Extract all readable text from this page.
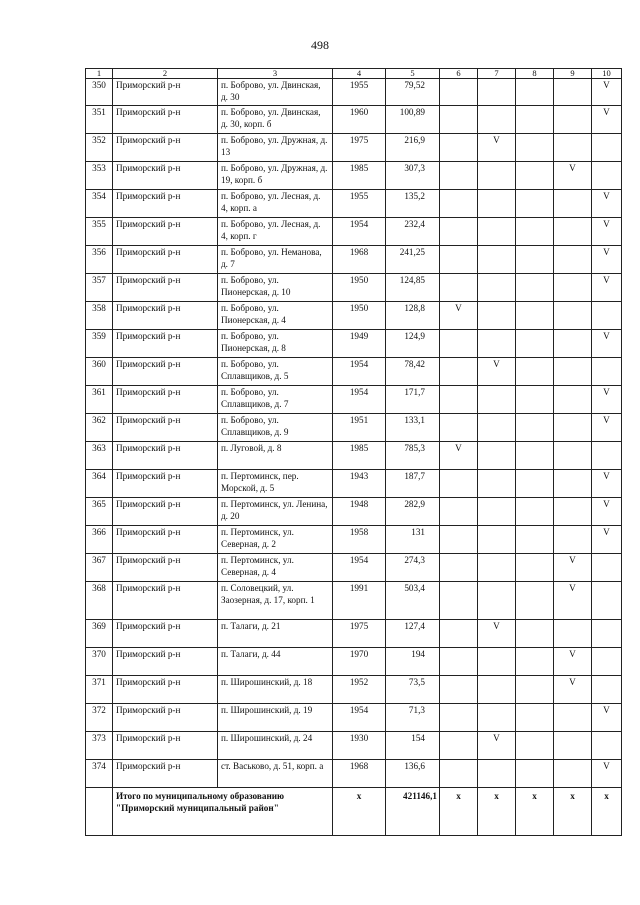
498
1	2	3	4	5	6	7	8	9	10
350	Приморский р-н	п. Боброво, ул. Двинская, д. 30	1955	79,52					V
351	Приморский р-н	п. Боброво, ул. Двинская, д. 30, корп. б	1960	100,89					V
352	Приморский р-н	п. Боброво, ул. Дружная, д. 13	1975	216,9		V			
353	Приморский р-н	п. Боброво, ул. Дружная, д. 19, корп. б	1985	307,3				V	
354	Приморский р-н	п. Боброво, ул. Лесная, д. 4, корп. а	1955	135,2					V
355	Приморский р-н	п. Боброво, ул. Лесная, д. 4, корп. г	1954	232,4					V
356	Приморский р-н	п. Боброво, ул. Неманова, д. 7	1968	241,25					V
357	Приморский р-н	п. Боброво, ул. Пионерская, д. 10	1950	124,85					V
358	Приморский р-н	п. Боброво, ул. Пионерская, д. 4	1950	128,8	V				
359	Приморский р-н	п. Боброво, ул. Пионерская, д. 8	1949	124,9					V
360	Приморский р-н	п. Боброво, ул. Сплавщиков, д. 5	1954	78,42		V			
361	Приморский р-н	п. Боброво, ул. Сплавщиков, д. 7	1954	171,7					V
362	Приморский р-н	п. Боброво, ул. Сплавщиков, д. 9	1951	133,1					V
363	Приморский р-н	п. Луговой, д. 8	1985	785,3	V				
364	Приморский р-н	п. Пертоминск, пер. Морской, д. 5	1943	187,7					V
365	Приморский р-н	п. Пертоминск, ул. Ленина, д. 20	1948	282,9					V
366	Приморский р-н	п. Пертоминск, ул. Северная, д. 2	1958	131					V
367	Приморский р-н	п. Пертоминск, ул. Северная, д. 4	1954	274,3				V	
368	Приморский р-н	п. Соловецкий, ул. Заозерная, д. 17, корп. 1	1991	503,4				V	
369	Приморский р-н	п. Талаги, д. 21	1975	127,4		V			
370	Приморский р-н	п. Талаги, д. 44	1970	194				V	
371	Приморский р-н	п. Широшинский, д. 18	1952	73,5				V	
372	Приморский р-н	п. Широшинский, д. 19	1954	71,3					V
373	Приморский р-н	п. Широшинский, д. 24	1930	154		V			
374	Приморский р-н	ст. Васьково, д. 51, корп. а	1968	136,6					V
	Итого по муниципальному образованию "Приморский муниципальный район"		x	421146,1	x	x	x	x	x
